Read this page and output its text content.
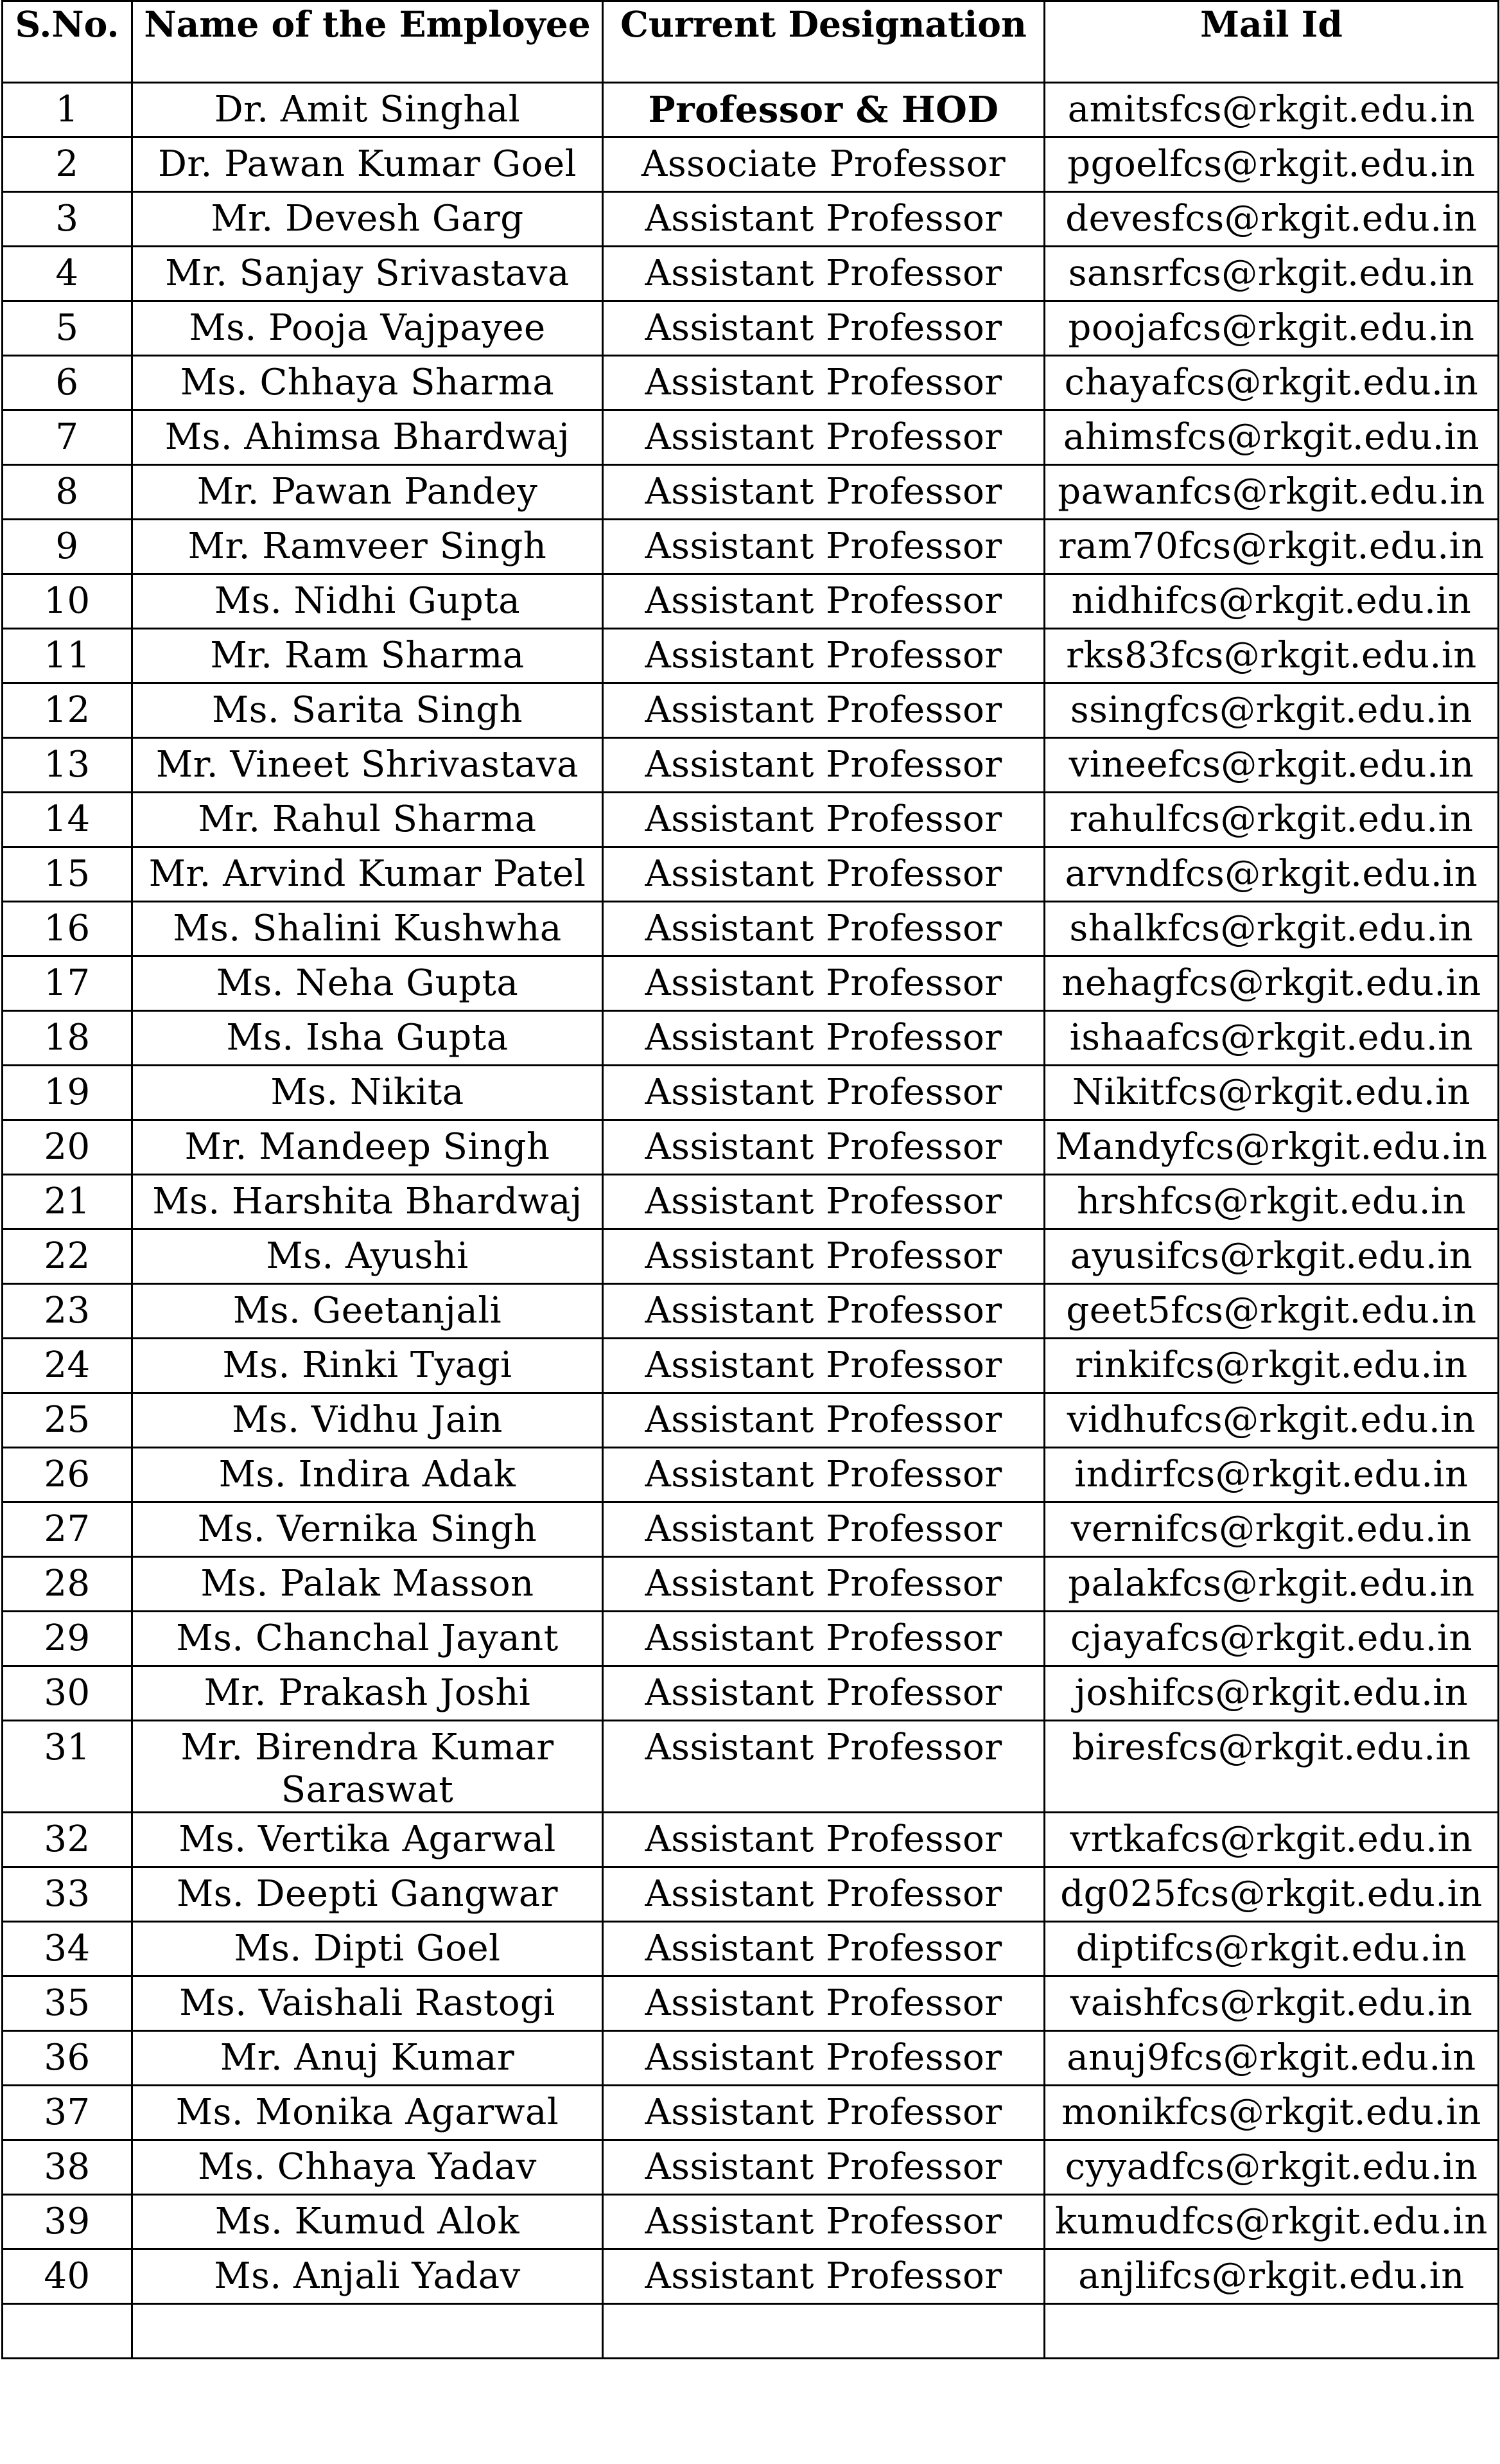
S.No.	Name of the Employee	Current Designation	Mail Id
1	Dr. Amit Singhal	Professor & HOD	amitsfcs@rkgit.edu.in
2	Dr. Pawan Kumar Goel	Associate Professor	pgoelfcs@rkgit.edu.in
3	Mr. Devesh Garg	Assistant Professor	devesfcs@rkgit.edu.in
4	Mr. Sanjay Srivastava	Assistant Professor	sansrfcs@rkgit.edu.in
5	Ms. Pooja Vajpayee	Assistant Professor	poojafcs@rkgit.edu.in
6	Ms. Chhaya Sharma	Assistant Professor	chayafcs@rkgit.edu.in
7	Ms. Ahimsa Bhardwaj	Assistant Professor	ahimsfcs@rkgit.edu.in
8	Mr. Pawan Pandey	Assistant Professor	pawanfcs@rkgit.edu.in
9	Mr. Ramveer Singh	Assistant Professor	ram70fcs@rkgit.edu.in
10	Ms. Nidhi Gupta	Assistant Professor	nidhifcs@rkgit.edu.in
11	Mr. Ram Sharma	Assistant Professor	rks83fcs@rkgit.edu.in
12	Ms. Sarita Singh	Assistant Professor	ssingfcs@rkgit.edu.in
13	Mr. Vineet Shrivastava	Assistant Professor	vineefcs@rkgit.edu.in
14	Mr. Rahul Sharma	Assistant Professor	rahulfcs@rkgit.edu.in
15	Mr. Arvind Kumar Patel	Assistant Professor	arvndfcs@rkgit.edu.in
16	Ms. Shalini Kushwha	Assistant Professor	shalkfcs@rkgit.edu.in
17	Ms. Neha Gupta	Assistant Professor	nehagfcs@rkgit.edu.in
18	Ms. Isha Gupta	Assistant Professor	ishaafcs@rkgit.edu.in
19	Ms. Nikita	Assistant Professor	Nikitfcs@rkgit.edu.in
20	Mr. Mandeep Singh	Assistant Professor	Mandyfcs@rkgit.edu.in
21	Ms. Harshita Bhardwaj	Assistant Professor	hrshfcs@rkgit.edu.in
22	Ms. Ayushi	Assistant Professor	ayusifcs@rkgit.edu.in
23	Ms. Geetanjali	Assistant Professor	geet5fcs@rkgit.edu.in
24	Ms. Rinki Tyagi	Assistant Professor	rinkifcs@rkgit.edu.in
25	Ms. Vidhu Jain	Assistant Professor	vidhufcs@rkgit.edu.in
26	Ms. Indira Adak	Assistant Professor	indirfcs@rkgit.edu.in
27	Ms. Vernika Singh	Assistant Professor	vernifcs@rkgit.edu.in
28	Ms. Palak Masson	Assistant Professor	palakfcs@rkgit.edu.in
29	Ms. Chanchal Jayant	Assistant Professor	cjayafcs@rkgit.edu.in
30	Mr. Prakash Joshi	Assistant Professor	joshifcs@rkgit.edu.in
31	Mr. Birendra Kumar Saraswat	Assistant Professor	biresfcs@rkgit.edu.in
32	Ms. Vertika Agarwal	Assistant Professor	vrtkafcs@rkgit.edu.in
33	Ms. Deepti Gangwar	Assistant Professor	dg025fcs@rkgit.edu.in
34	Ms. Dipti Goel	Assistant Professor	diptifcs@rkgit.edu.in
35	Ms. Vaishali Rastogi	Assistant Professor	vaishfcs@rkgit.edu.in
36	Mr. Anuj Kumar	Assistant Professor	anuj9fcs@rkgit.edu.in
37	Ms. Monika Agarwal	Assistant Professor	monikfcs@rkgit.edu.in
38	Ms. Chhaya Yadav	Assistant Professor	cyyadfcs@rkgit.edu.in
39	Ms. Kumud Alok	Assistant Professor	kumudfcs@rkgit.edu.in
40	Ms. Anjali Yadav	Assistant Professor	anjlifcs@rkgit.edu.in
